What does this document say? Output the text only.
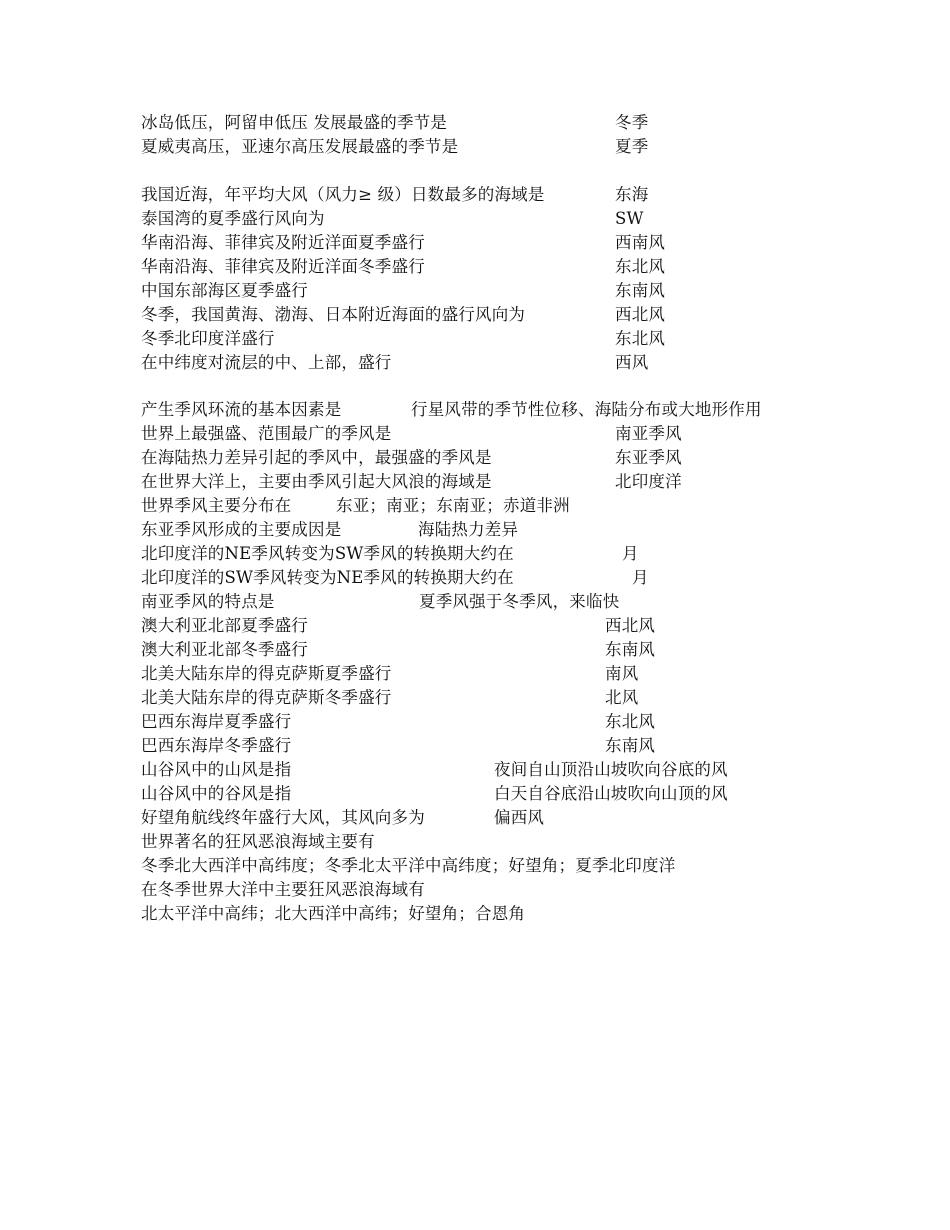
冰岛低压，阿留申低压 发展最盛的季节是	冬季
夏威夷高压，亚速尔高压发展最盛的季节是	夏季
我国近海，年平均大风（风力≥ 级）日数最多的海域是	东海
泰国湾的夏季盛行风向为	SW
华南沿海、菲律宾及附近洋面夏季盛行	西南风
华南沿海、菲律宾及附近洋面冬季盛行	东北风
中国东部海区夏季盛行	东南风
冬季，我国黄海、渤海、日本附近海面的盛行风向为	西北风
冬季北印度洋盛行	东北风
在中纬度对流层的中、上部，盛行	西风
产生季风环流的基本因素是	行星风带的季节性位移、海陆分布或大地形作用
世界上最强盛、范围最广的季风是	南亚季风
在海陆热力差异引起的季风中，最强盛的季风是	东亚季风
在世界大洋上，主要由季风引起大风浪的海域是	北印度洋
世界季风主要分布在	东亚；南亚；东南亚；赤道非洲
东亚季风形成的主要成因是	海陆热力差异
北印度洋的NE季风转变为SW季风的转换期大约在	月
北印度洋的SW季风转变为NE季风的转换期大约在	月
南亚季风的特点是	夏季风强于冬季风，来临快
澳大利亚北部夏季盛行	西北风
澳大利亚北部冬季盛行	东南风
北美大陆东岸的得克萨斯夏季盛行	南风
北美大陆东岸的得克萨斯冬季盛行	北风
巴西东海岸夏季盛行	东北风
巴西东海岸冬季盛行	东南风
山谷风中的山风是指	夜间自山顶沿山坡吹向谷底的风
山谷风中的谷风是指	白天自谷底沿山坡吹向山顶的风
好望角航线终年盛行大风，其风向多为	偏西风
世界著名的狂风恶浪海域主要有
冬季北大西洋中高纬度；冬季北太平洋中高纬度；好望角；夏季北印度洋
在冬季世界大洋中主要狂风恶浪海域有
北太平洋中高纬；北大西洋中高纬；好望角；合恩角
